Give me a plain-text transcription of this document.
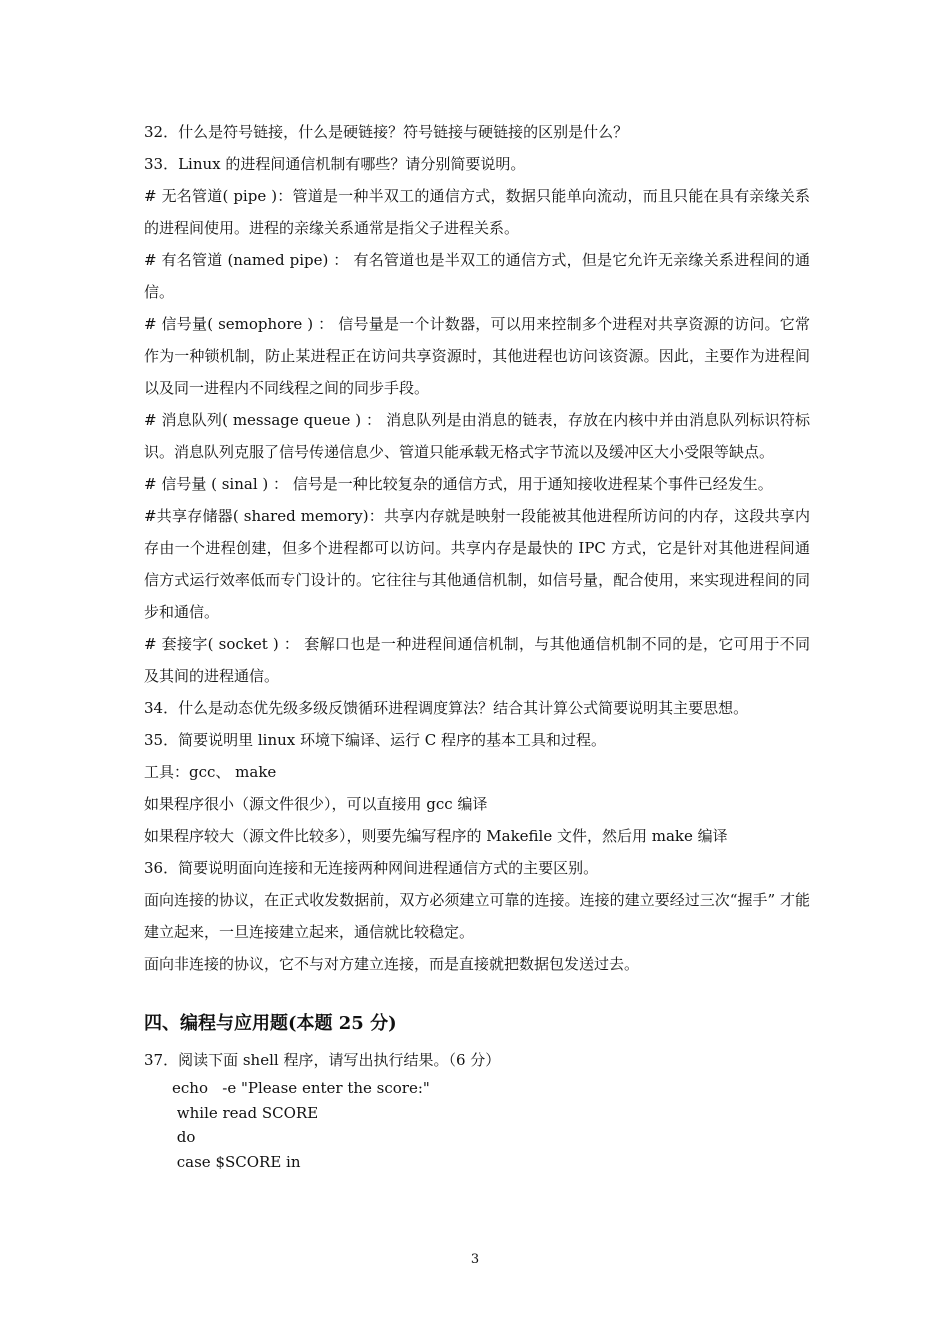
32．什么是符号链接，什么是硬链接？符号链接与硬链接的区别是什么？

33．Linux 的进程间通信机制有哪些？请分别简要说明。

# 无名管道( pipe )：管道是一种半双工的通信方式，数据只能单向流动，而且只能在具有亲缘关系的进程间使用。进程的亲缘关系通常是指父子进程关系。

# 有名管道 (named pipe) ： 有名管道也是半双工的通信方式，但是它允许无亲缘关系进程间的通信。

# 信号量( semophore ) ： 信号量是一个计数器，可以用来控制多个进程对共享资源的访问。它常作为一种锁机制，防止某进程正在访问共享资源时，其他进程也访问该资源。因此，主要作为进程间以及同一进程内不同线程之间的同步手段。

# 消息队列( message queue ) ： 消息队列是由消息的链表，存放在内核中并由消息队列标识符标识。消息队列克服了信号传递信息少、管道只能承载无格式字节流以及缓冲区大小受限等缺点。

# 信号量 ( sinal ) ： 信号是一种比较复杂的通信方式，用于通知接收进程某个事件已经发生。

#共享存储器( shared memory)：共享内存就是映射一段能被其他进程所访问的内存，这段共享内存由一个进程创建，但多个进程都可以访问。共享内存是最快的 IPC 方式，它是针对其他进程间通信方式运行效率低而专门设计的。它往往与其他通信机制，如信号量，配合使用，来实现进程间的同步和通信。

# 套接字( socket ) ： 套解口也是一种进程间通信机制，与其他通信机制不同的是，它可用于不同及其间的进程通信。

34．什么是动态优先级多级反馈循环进程调度算法？结合其计算公式简要说明其主要思想。

35．简要说明里 linux 环境下编译、运行 C 程序的基本工具和过程。

工具：gcc、 make

如果程序很小（源文件很少），可以直接用 gcc 编译

如果程序较大（源文件比较多），则要先编写程序的 Makefile 文件，然后用 make 编译

36．简要说明面向连接和无连接两种网间进程通信方式的主要区别。

面向连接的协议，在正式收发数据前，双方必须建立可靠的连接。连接的建立要经过三次“握手” 才能建立起来，一旦连接建立起来，通信就比较稳定。

面向非连接的协议，它不与对方建立连接，而是直接就把数据包发送过去。

四、编程与应用题(本题 25 分)

37．阅读下面 shell 程序，请写出执行结果。（6 分）

echo   -e "Please enter the score:"
while read SCORE
do
case $SCORE in
3
